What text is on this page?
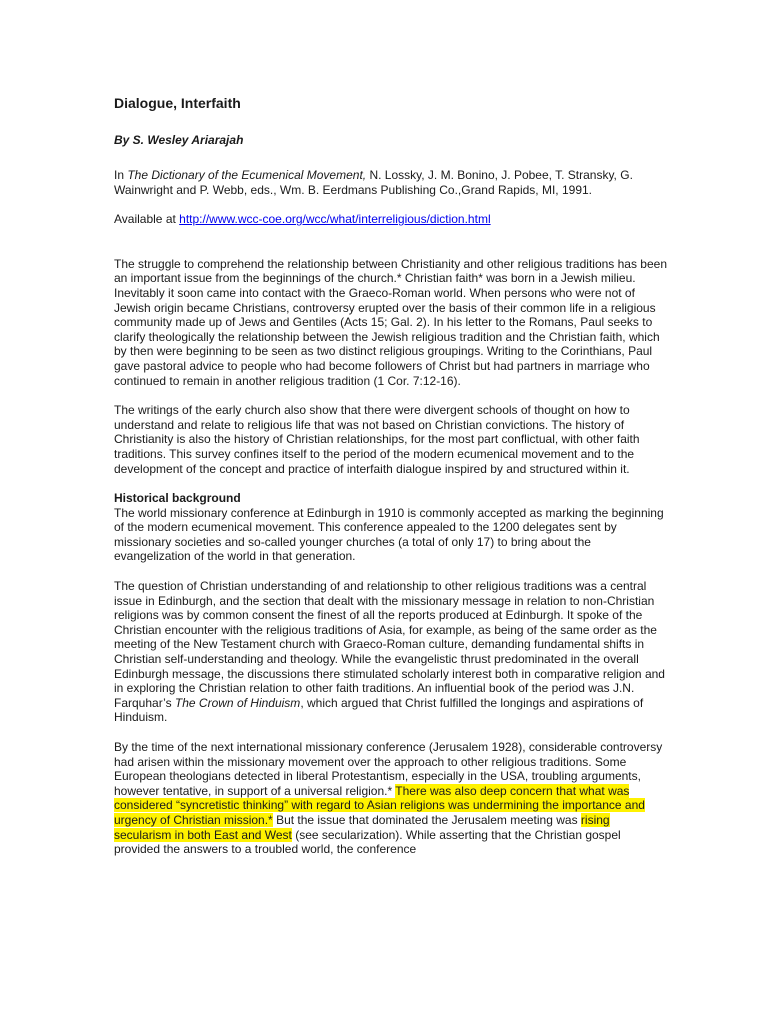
Dialogue, Interfaith
By S. Wesley Ariarajah

In The Dictionary of the Ecumenical Movement, N. Lossky, J. M. Bonino, J. Pobee, T. Stransky, G. Wainwright and P. Webb, eds., Wm. B. Eerdmans Publishing Co.,Grand Rapids, MI, 1991.

Available at http://www.wcc-coe.org/wcc/what/interreligious/diction.html

The struggle to comprehend the relationship between Christianity and other religious traditions has been an important issue from the beginnings of the church.* Christian faith* was born in a Jewish milieu. Inevitably it soon came into contact with the Graeco-Roman world. When persons who were not of Jewish origin became Christians, controversy erupted over the basis of their common life in a religious community made up of Jews and Gentiles (Acts 15; Gal. 2). In his letter to the Romans, Paul seeks to clarify theologically the relationship between the Jewish religious tradition and the Christian faith, which by then were beginning to be seen as two distinct religious groupings. Writing to the Corinthians, Paul gave pastoral advice to people who had become followers of Christ but had partners in marriage who continued to remain in another religious tradition (1 Cor. 7:12-16).

The writings of the early church also show that there were divergent schools of thought on how to understand and relate to religious life that was not based on Christian convictions. The history of Christianity is also the history of Christian relationships, for the most part conflictual, with other faith traditions. This survey confines itself to the period of the modern ecumenical movement and to the development of the concept and practice of interfaith dialogue inspired by and structured within it.

Historical background

The world missionary conference at Edinburgh in 1910 is commonly accepted as marking the beginning of the modern ecumenical movement. This conference appealed to the 1200 delegates sent by missionary societies and so-called younger churches (a total of only 17) to bring about the evangelization of the world in that generation.

The question of Christian understanding of and relationship to other religious traditions was a central issue in Edinburgh, and the section that dealt with the missionary message in relation to non-Christian religions was by common consent the finest of all the reports produced at Edinburgh. It spoke of the Christian encounter with the religious traditions of Asia, for example, as being of the same order as the meeting of the New Testament church with Graeco-Roman culture, demanding fundamental shifts in Christian self-understanding and theology. While the evangelistic thrust predominated in the overall Edinburgh message, the discussions there stimulated scholarly interest both in comparative religion and in exploring the Christian relation to other faith traditions. An influential book of the period was J.N. Farquhar’s The Crown of Hinduism, which argued that Christ fulfilled the longings and aspirations of Hinduism.

By the time of the next international missionary conference (Jerusalem 1928), considerable controversy had arisen within the missionary movement over the approach to other religious traditions. Some European theologians detected in liberal Protestantism, especially in the USA, troubling arguments, however tentative, in support of a universal religion.* There was also deep concern that what was considered “syncretistic thinking” with regard to Asian religions was undermining the importance and urgency of Christian mission.* But the issue that dominated the Jerusalem meeting was rising secularism in both East and West (see secularization). While asserting that the Christian gospel provided the answers to a troubled world, the conference
